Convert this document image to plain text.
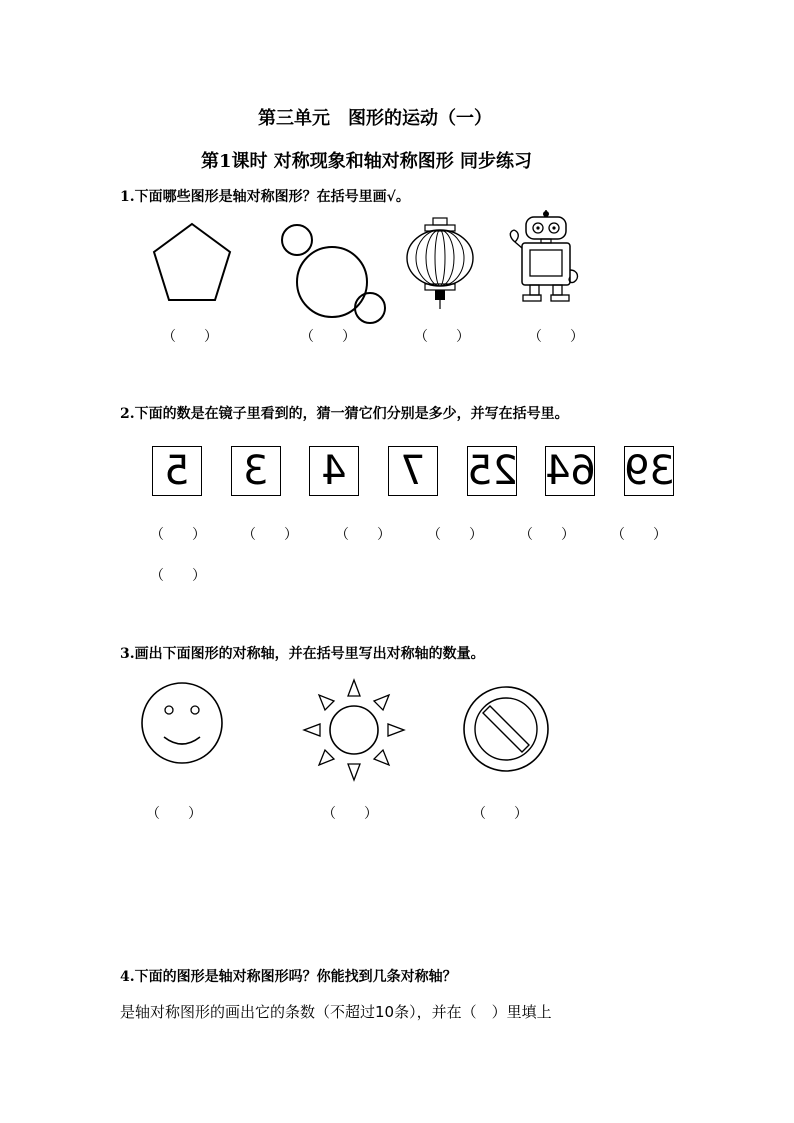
第三单元　图形的运动（一）
第1课时 对称现象和轴对称图形 同步练习
1.下面哪些图形是轴对称图形？在括号里画√。
（　　）	（　　）	（　　）	（　　）
2.下面的数是在镜子里看到的，猜一猜它们分别是多少，并写在括号里。
5 3 4 7 25 64 39
（　　）	（　　）	（　　）	（　　）	（　　）	（　　）
（　　）
3.画出下面图形的对称轴，并在括号里写出对称轴的数量。
（　　）	（　　）	（　　）
4.下面的图形是轴对称图形吗？你能找到几条对称轴？
是轴对称图形的画出它的条数（不超过10条），并在（　）里填上
